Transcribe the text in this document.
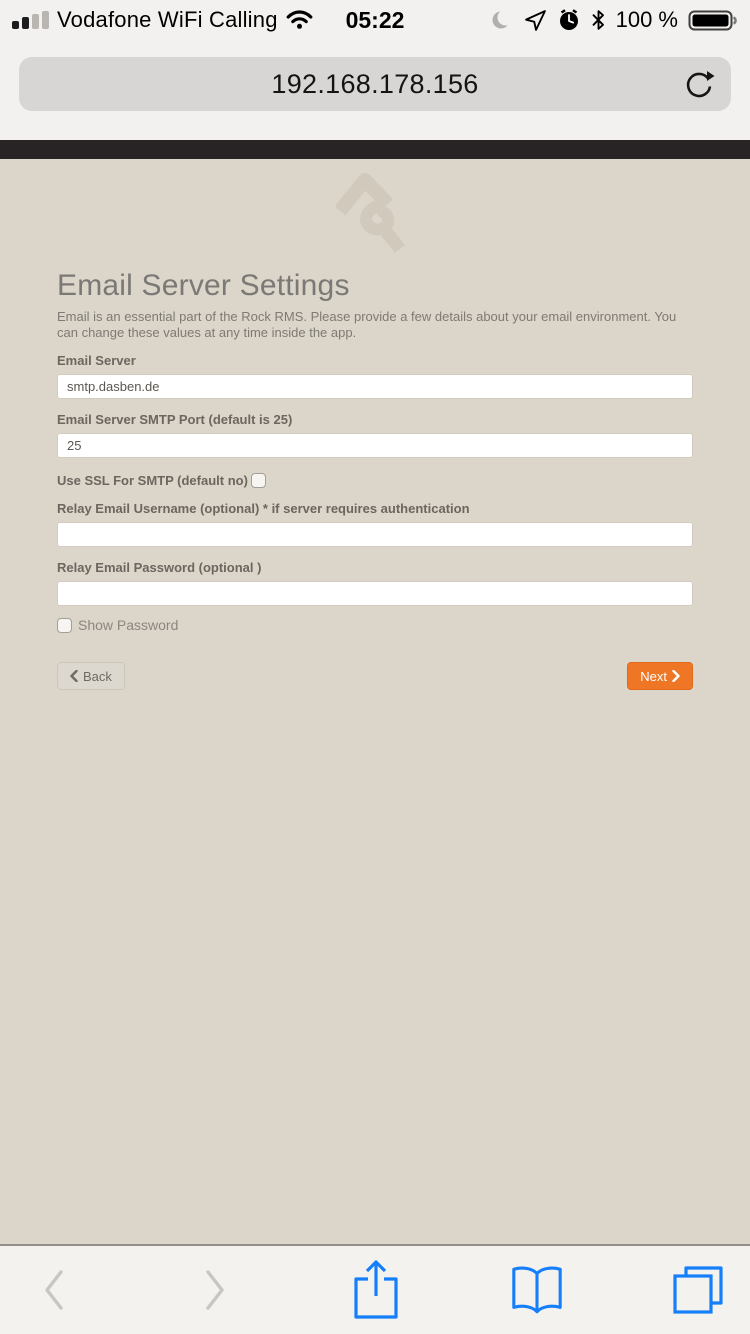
Vodafone WiFi Calling	05:22	100 %
192.168.178.156
Email Server Settings

Email is an essential part of the Rock RMS. Please provide a few details about your email environment. You can change these values at any time inside the app.

Email Server
smtp.dasben.de
Email Server SMTP Port (default is 25)
25
Use SSL For SMTP (default no)
Relay Email Username (optional) * if server requires authentication
Relay Email Password (optional )
Show Password
Back	Next
